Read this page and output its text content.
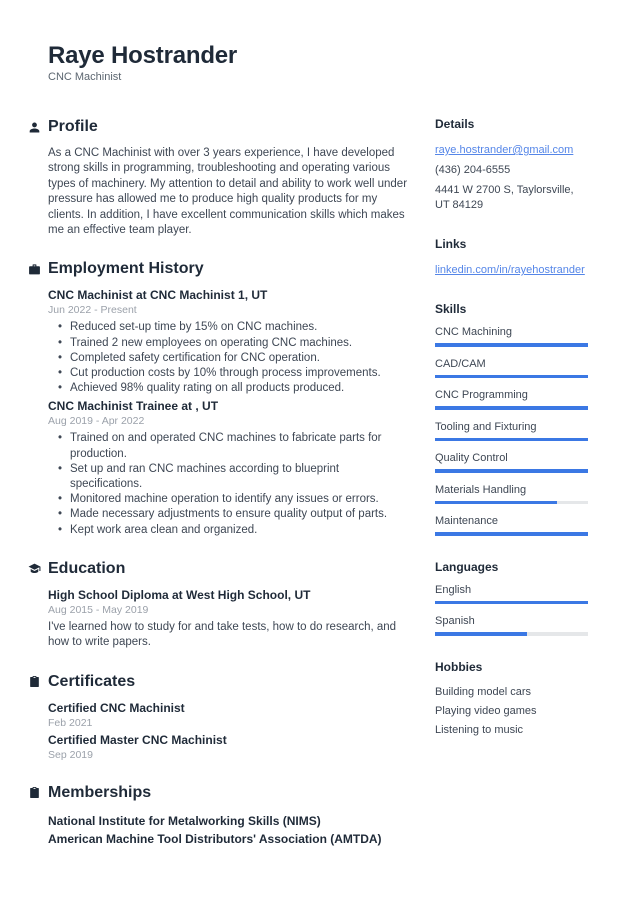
Raye Hostrander
CNC Machinist
Profile

As a CNC Machinist with over 3 years experience, I have developed strong skills in programming, troubleshooting and operating various types of machinery. My attention to detail and ability to work well under pressure has allowed me to produce high quality products for my clients. In addition, I have excellent communication skills which makes me an effective team player.

Employment History
CNC Machinist at CNC Machinist 1, UT
Jun 2022 - Present
• Reduced set-up time by 15% on CNC machines.
• Trained 2 new employees on operating CNC machines.
• Completed safety certification for CNC operation.
• Cut production costs by 10% through process improvements.
• Achieved 98% quality rating on all products produced.
CNC Machinist Trainee at , UT
Aug 2019 - Apr 2022
• Trained on and operated CNC machines to fabricate parts for production.
• Set up and ran CNC machines according to blueprint specifications.
• Monitored machine operation to identify any issues or errors.
• Made necessary adjustments to ensure quality output of parts.
• Kept work area clean and organized.
Education
High School Diploma at West High School, UT
Aug 2015 - May 2019

I've learned how to study for and take tests, how to do research, and how to write papers.

Certificates
Certified CNC Machinist
Feb 2021
Certified Master CNC Machinist
Sep 2019
Memberships
National Institute for Metalworking Skills (NIMS)
American Machine Tool Distributors' Association (AMTDA)
Details
raye.hostrander@gmail.com
(436) 204-6555
4441 W 2700 S, Taylorsville, UT 84129
Links
linkedin.com/in/rayehostrander
Skills
CNC Machining
CAD/CAM
CNC Programming
Tooling and Fixturing
Quality Control
Materials Handling
Maintenance
Languages
English
Spanish
Hobbies
Building model cars
Playing video games
Listening to music
